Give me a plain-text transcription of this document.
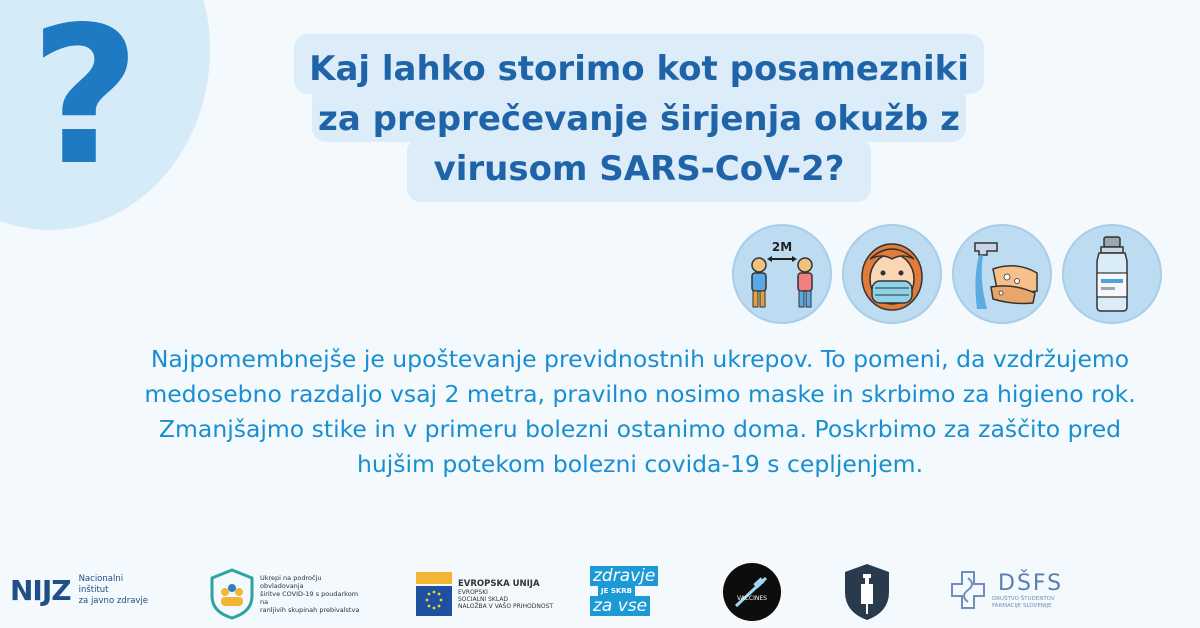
?	Kaj lahko storimo kot posamezniki
za preprečevanje širjenja okužb z
virusom SARS-CoV-2?
2M

Najpomembnejše je upoštevanje previdnostnih ukrepov. To pomeni, da vzdržujemo medosebno razdaljo vsaj 2 metra, pravilno nosimo maske in skrbimo za higieno rok. Zmanjšajmo stike in v primeru bolezni ostanimo doma. Poskrbimo za zaščito pred hujšim potekom bolezni covida-19 s cepljenjem.

NIJZ Nacionalni inštitut
za javno zdravje
Ukrepi na področju obvladovanja
širitve COVID-19 s poudarkom na
ranljivih skupinah prebivalstva
EVROPSKA UNIJA
EVROPSKI
SOCIALNI SKLAD
NALOŽBA V VAŠO PRIHODNOST
zdravje
JE SKRB
za vse	VACCINES
DŠFS
DRUŠTVO ŠTUDENTOV
FARMACIJE SLOVENIJE
